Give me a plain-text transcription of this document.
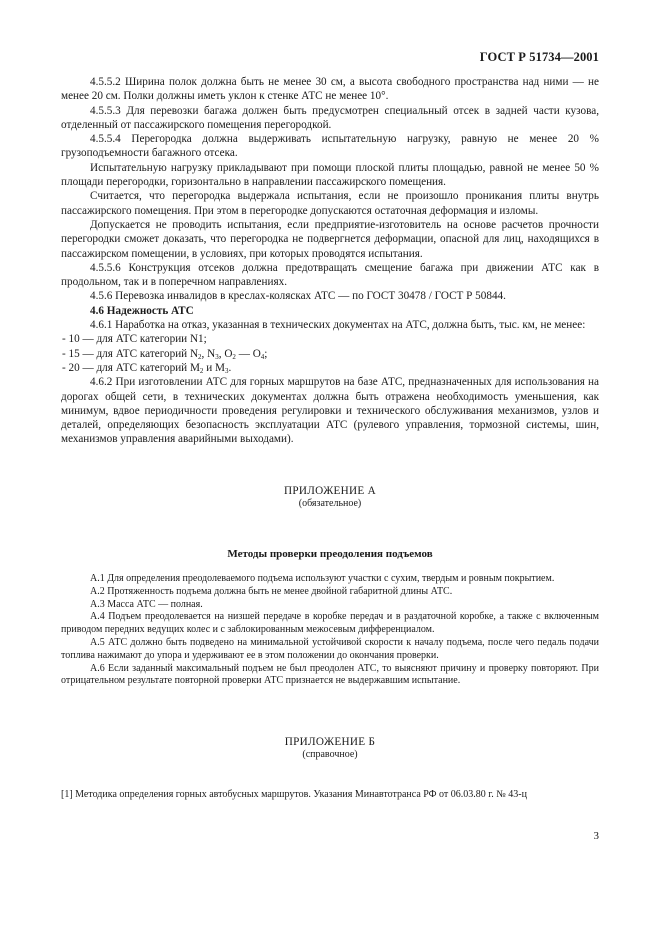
ГОСТ Р 51734—2001

4.5.5.2 Ширина полок должна быть не менее 30 см, а высота свободного пространства над ними — не менее 20 см. Полки должны иметь уклон к стенке АТС не менее 10°.

4.5.5.3 Для перевозки багажа должен быть предусмотрен специальный отсек в задней части кузова, отделенный от пассажирского помещения перегородкой.

4.5.5.4 Перегородка должна выдерживать испытательную нагрузку, равную не менее 20 % грузоподъемности багажного отсека.

Испытательную нагрузку прикладывают при помощи плоской плиты площадью, равной не менее 50 % площади перегородки, горизонтально в направлении пассажирского помещения.

Считается, что перегородка выдержала испытания, если не произошло проникания плиты внутрь пассажирского помещения. При этом в перегородке допускаются остаточная деформация и изломы.

Допускается не проводить испытания, если предприятие-изготовитель на основе расчетов прочности перегородки сможет доказать, что перегородка не подвергнется деформации, опасной для лиц, находящихся в пассажирском помещении, в условиях, при которых проводятся испытания.

4.5.5.6 Конструкция отсеков должна предотвращать смещение багажа при движении АТС как в продольном, так и в поперечном направлениях.

4.5.6 Перевозка инвалидов в креслах-колясках АТС — по ГОСТ 30478 / ГОСТ Р 50844.

4.6 Надежность АТС

4.6.1 Наработка на отказ, указанная в технических документах на АТС, должна быть, тыс. км, не менее:

- 10 — для АТС категории N1;

- 15 — для АТС категорий $N_2$, $N_3$, $O_2$ — $O_4$;

- 20 — для АТС категорий $M_2$ и $M_3$.

4.6.2 При изготовлении АТС для горных маршрутов на базе АТС, предназначенных для использования на дорогах общей сети, в технических документах должна быть отражена необходимость уменьшения, как минимум, вдвое периодичности проведения регулировки и технического обслуживания механизмов, узлов и деталей, определяющих безопасность эксплуатации АТС (рулевого управления, тормозной системы, шин, механизмов управления аварийными выходами).

ПРИЛОЖЕНИЕ А
(обязательное)
Методы проверки преодоления подъемов

А.1 Для определения преодолеваемого подъема используют участки с сухим, твердым и ровным покрытием.

А.2 Протяженность подъема должна быть не менее двойной габаритной длины АТС.

А.3 Масса АТС — полная.

А.4 Подъем преодолевается на низшей передаче в коробке передач и в раздаточной коробке, а также с включенным приводом передних ведущих колес и с заблокированным межосевым дифференциалом.

А.5 АТС должно быть подведено на минимальной устойчивой скорости к началу подъема, после чего педаль подачи топлива нажимают до упора и удерживают ее в этом положении до окончания проверки.

А.6 Если заданный максимальный подъем не был преодолен АТС, то выясняют причину и проверку повторяют. При отрицательном результате повторной проверки АТС признается не выдержавшим испытание.

ПРИЛОЖЕНИЕ Б
(справочное)
[1] Методика определения горных автобусных маршрутов. Указания Минавтотранса РФ от 06.03.80 г. № 43-ц
3
